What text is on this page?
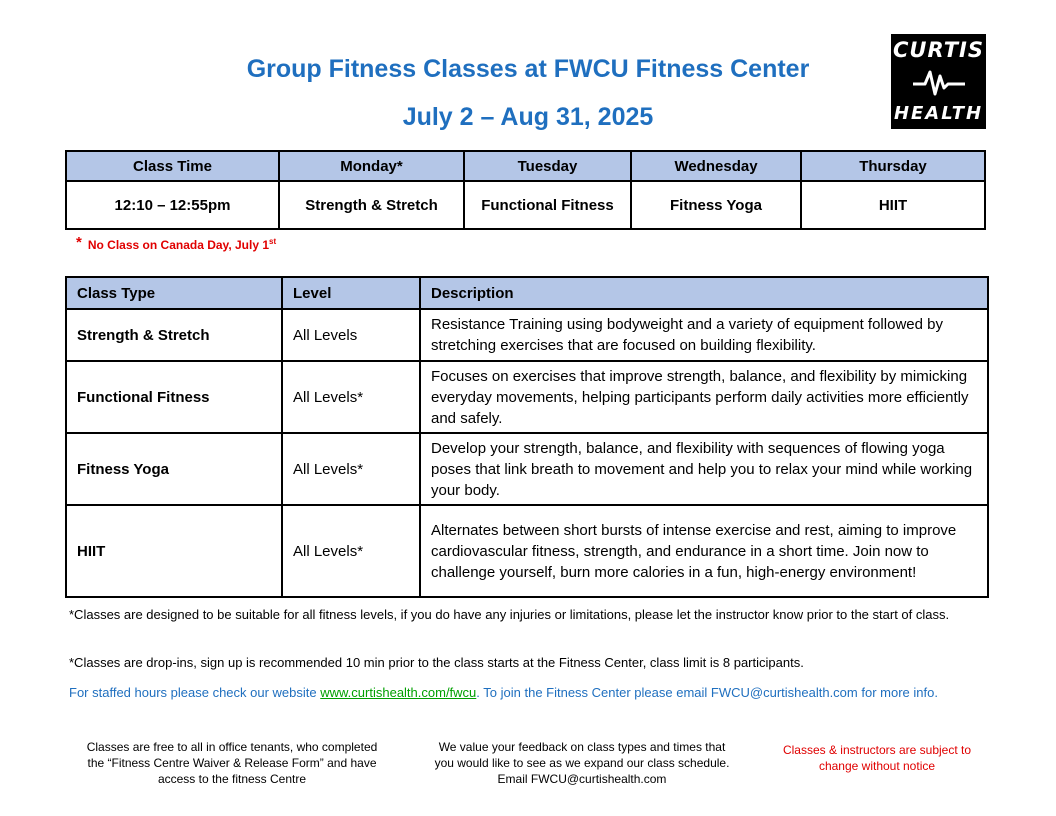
Group Fitness Classes at FWCU Fitness Center
July 2 – Aug 31, 2025
CURTIS
HEALTH
Class Time	Monday*	Tuesday	Wednesday	Thursday
12:10 – 12:55pm	Strength & Stretch	Functional Fitness	Fitness Yoga	HIIT
* No Class on Canada Day, July 1st
Class Type	Level	Description
Strength & Stretch	All Levels	Resistance Training using bodyweight and a variety of equipment followed by stretching exercises that are focused on building flexibility.
Functional Fitness	All Levels*	Focuses on exercises that improve strength, balance, and flexibility by mimicking everyday movements, helping participants perform daily activities more efficiently and safely.
Fitness Yoga	All Levels*	Develop your strength, balance, and flexibility with sequences of flowing yoga poses that link breath to movement and help you to relax your mind while working your body.
HIIT	All Levels*	Alternates between short bursts of intense exercise and rest, aiming to improve cardiovascular fitness, strength, and endurance in a short time. Join now to challenge yourself, burn more calories in a fun, high-energy environment!

*Classes are designed to be suitable for all fitness levels, if you do have any injuries or limitations, please let the instructor know prior to the start of class.

*Classes are drop-ins, sign up is recommended 10 min prior to the class starts at the Fitness Center, class limit is 8 participants.

For staffed hours please check our website www.curtishealth.com/fwcu. To join the Fitness Center please email FWCU@curtishealth.com for more info.

Classes are free to all in office tenants, who completed the “Fitness Centre Waiver & Release Form” and have access to the fitness Centre

We value your feedback on class types and times that you would like to see as we expand our class schedule. Email FWCU@curtishealth.com

Classes & instructors are subject to change without notice
